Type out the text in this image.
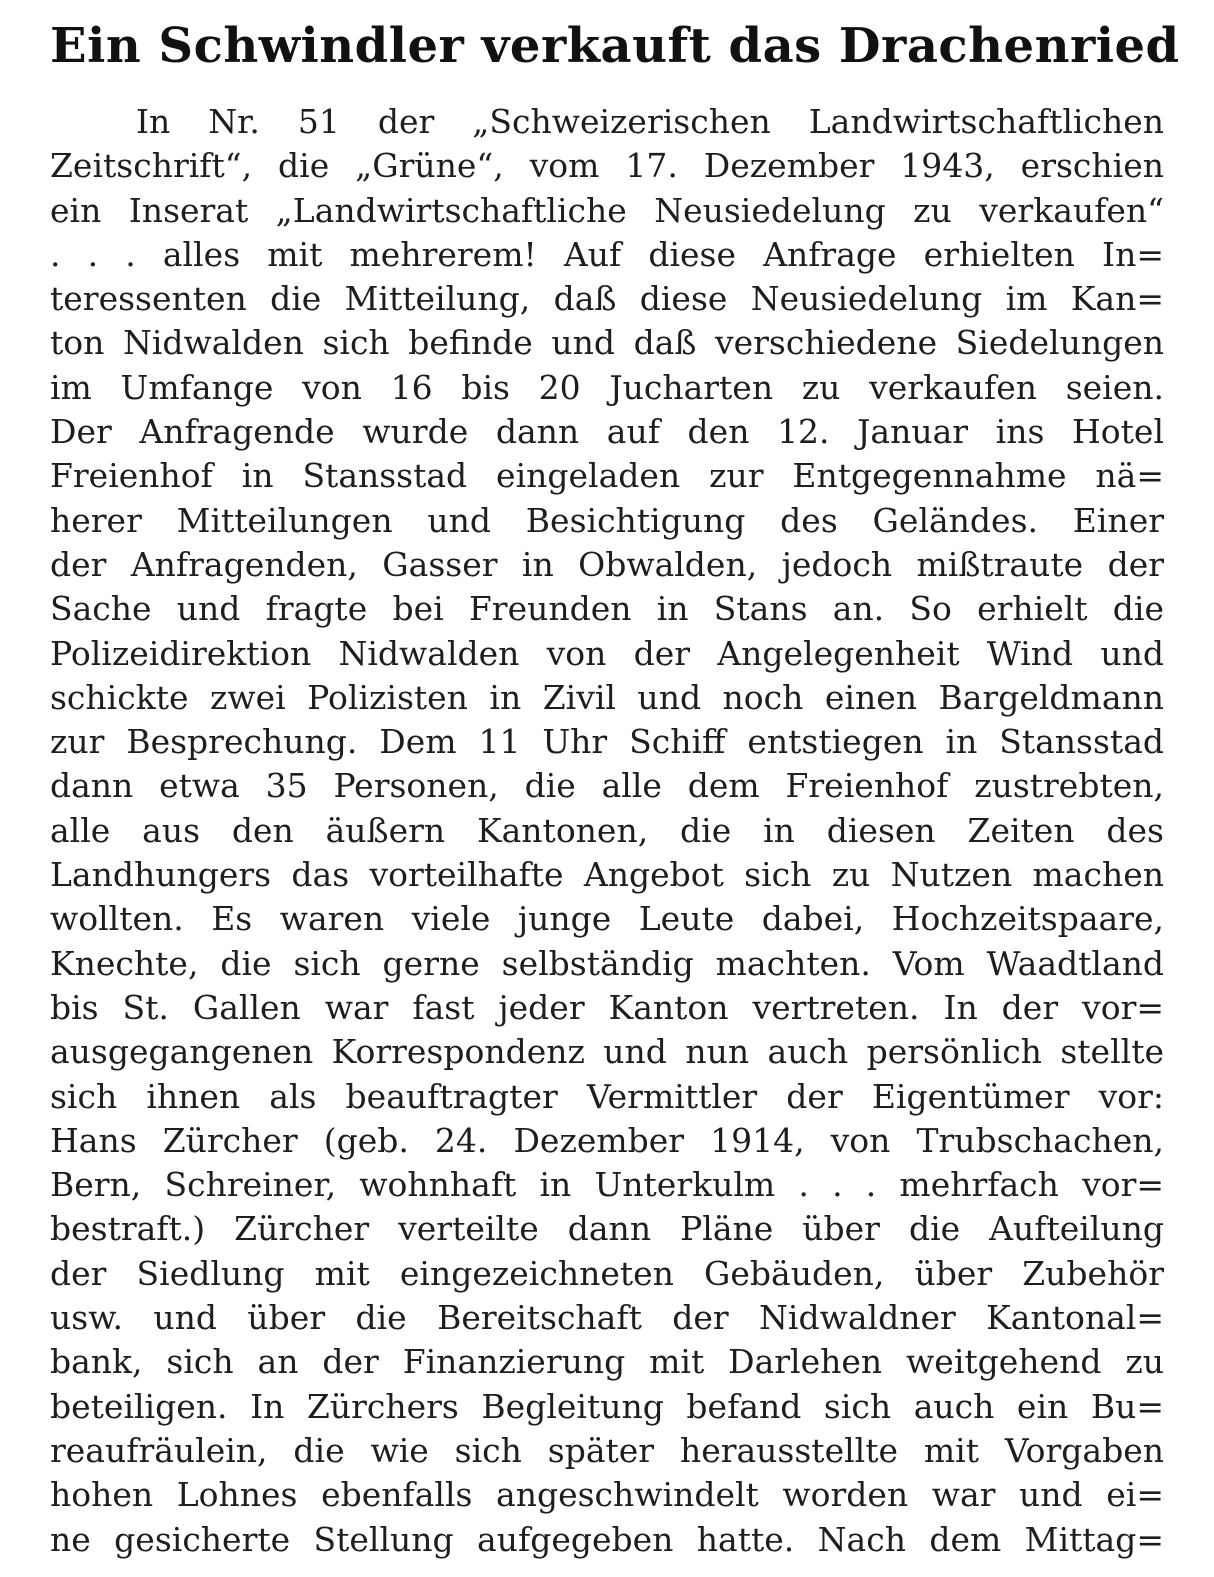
Ein Schwindler verkauft das Drachenried
In Nr. 51 der „Schweizerischen Landwirtschaftlichen
Zeitschrift“, die „Grüne“, vom 17. Dezember 1943, erschien
ein Inserat „Landwirtschaftliche Neusiedelung zu verkaufen“
. . . alles mit mehrerem! Auf diese Anfrage erhielten In=
teressenten die Mitteilung, daß diese Neusiedelung im Kan=
ton Nidwalden sich befinde und daß verschiedene Siedelungen
im Umfange von 16 bis 20 Jucharten zu verkaufen seien.
Der Anfragende wurde dann auf den 12. Januar ins Hotel
Freienhof in Stansstad eingeladen zur Entgegennahme nä=
herer Mitteilungen und Besichtigung des Geländes. Einer
der Anfragenden, Gasser in Obwalden, jedoch mißtraute der
Sache und fragte bei Freunden in Stans an. So erhielt die
Polizeidirektion Nidwalden von der Angelegenheit Wind und
schickte zwei Polizisten in Zivil und noch einen Bargeldmann
zur Besprechung. Dem 11 Uhr Schiff entstiegen in Stansstad
dann etwa 35 Personen, die alle dem Freienhof zustrebten,
alle aus den äußern Kantonen, die in diesen Zeiten des
Landhungers das vorteilhafte Angebot sich zu Nutzen machen
wollten. Es waren viele junge Leute dabei, Hochzeitspaare,
Knechte, die sich gerne selbständig machten. Vom Waadtland
bis St. Gallen war fast jeder Kanton vertreten. In der vor=
ausgegangenen Korrespondenz und nun auch persönlich stellte
sich ihnen als beauftragter Vermittler der Eigentümer vor:
Hans Zürcher (geb. 24. Dezember 1914, von Trubschachen,
Bern, Schreiner, wohnhaft in Unterkulm . . . mehrfach vor=
bestraft.) Zürcher verteilte dann Pläne über die Aufteilung
der Siedlung mit eingezeichneten Gebäuden, über Zubehör
usw. und über die Bereitschaft der Nidwaldner Kantonal=
bank, sich an der Finanzierung mit Darlehen weitgehend zu
beteiligen. In Zürchers Begleitung befand sich auch ein Bu=
reaufräulein, die wie sich später herausstellte mit Vorgaben
hohen Lohnes ebenfalls angeschwindelt worden war und ei=
ne gesicherte Stellung aufgegeben hatte. Nach dem Mittag=
